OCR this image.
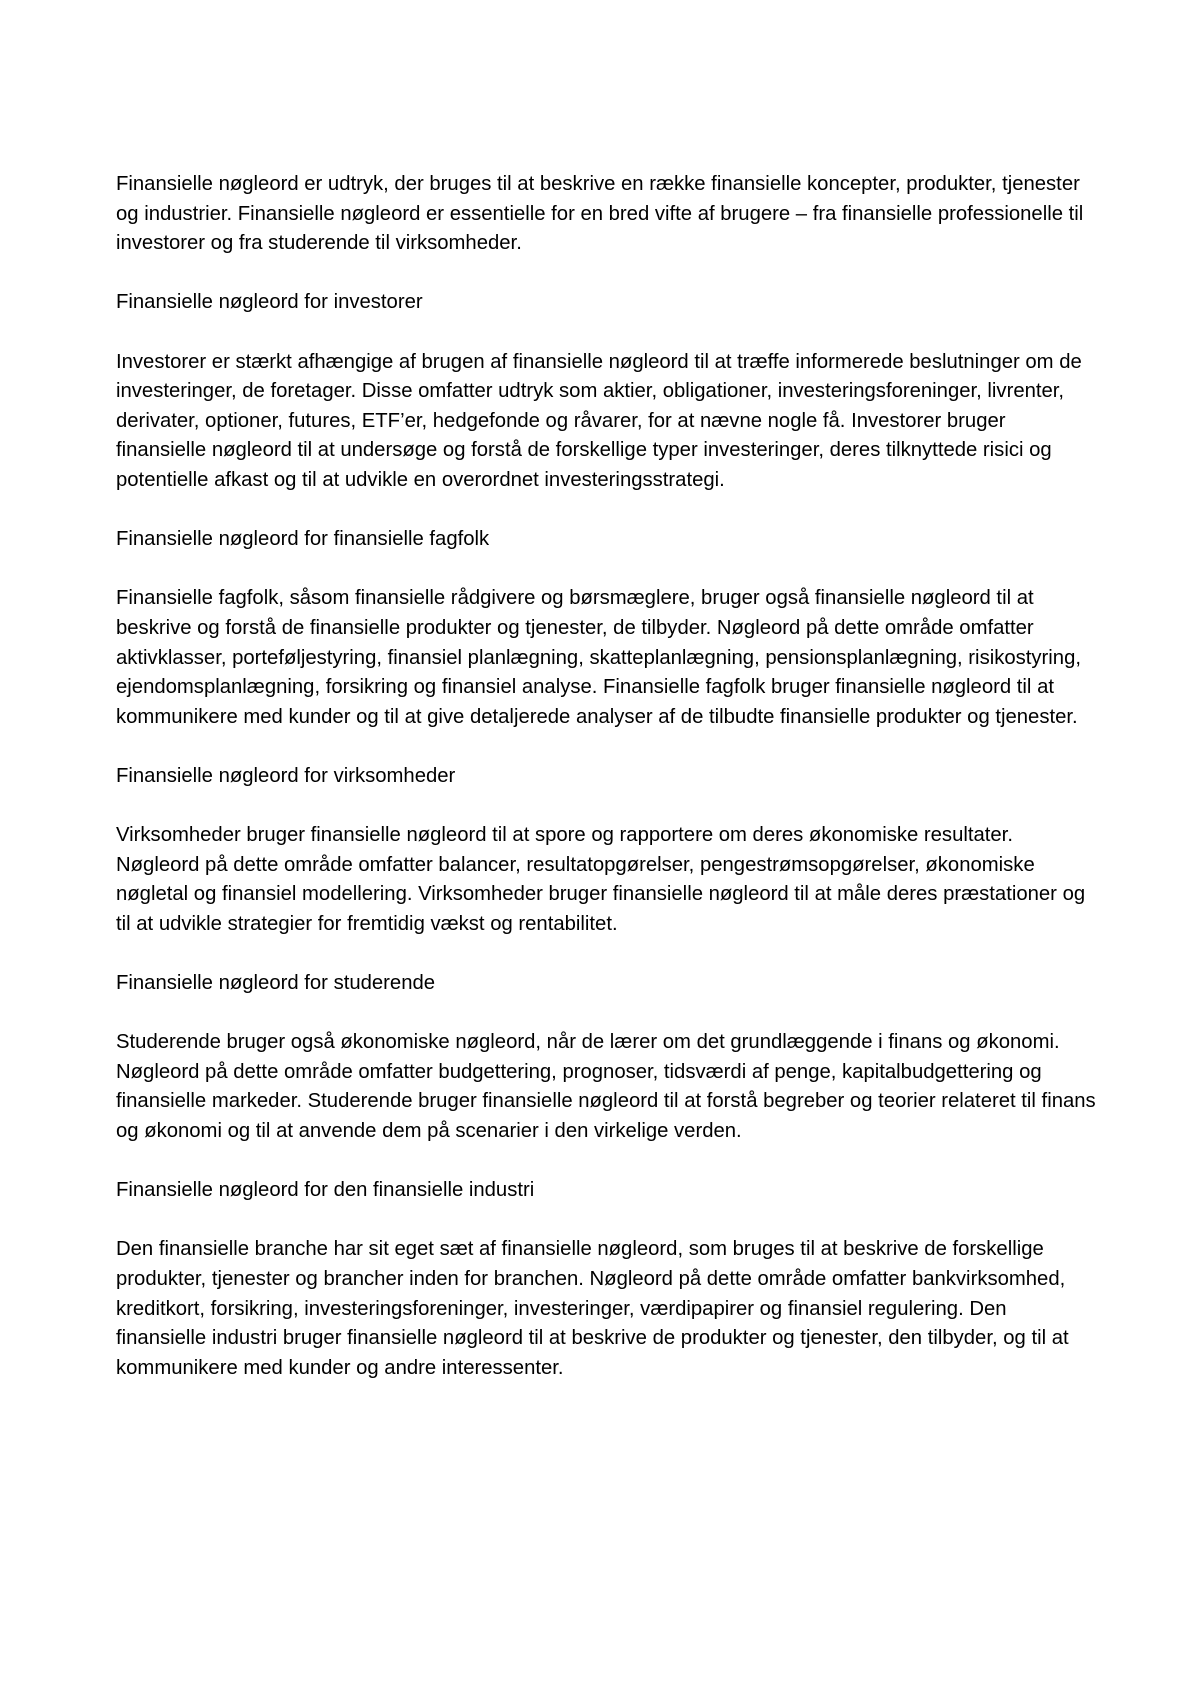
Finansielle nøgleord er udtryk, der bruges til at beskrive en række finansielle koncepter, produkter, tjenester og industrier. Finansielle nøgleord er essentielle for en bred vifte af brugere – fra finansielle professionelle til investorer og fra studerende til virksomheder.

Finansielle nøgleord for investorer

Investorer er stærkt afhængige af brugen af finansielle nøgleord til at træffe informerede beslutninger om de investeringer, de foretager. Disse omfatter udtryk som aktier, obligationer, investeringsforeninger, livrenter, derivater, optioner, futures, ETF’er, hedgefonde og råvarer, for at nævne nogle få. Investorer bruger finansielle nøgleord til at undersøge og forstå de forskellige typer investeringer, deres tilknyttede risici og potentielle afkast og til at udvikle en overordnet investeringsstrategi.

Finansielle nøgleord for finansielle fagfolk

Finansielle fagfolk, såsom finansielle rådgivere og børsmæglere, bruger også finansielle nøgleord til at beskrive og forstå de finansielle produkter og tjenester, de tilbyder. Nøgleord på dette område omfatter aktivklasser, porteføljestyring, finansiel planlægning, skatteplanlægning, pensionsplanlægning, risikostyring, ejendomsplanlægning, forsikring og finansiel analyse. Finansielle fagfolk bruger finansielle nøgleord til at kommunikere med kunder og til at give detaljerede analyser af de tilbudte finansielle produkter og tjenester.

Finansielle nøgleord for virksomheder

Virksomheder bruger finansielle nøgleord til at spore og rapportere om deres økonomiske resultater. Nøgleord på dette område omfatter balancer, resultatopgørelser, pengestrømsopgørelser, økonomiske nøgletal og finansiel modellering. Virksomheder bruger finansielle nøgleord til at måle deres præstationer og til at udvikle strategier for fremtidig vækst og rentabilitet.

Finansielle nøgleord for studerende

Studerende bruger også økonomiske nøgleord, når de lærer om det grundlæggende i finans og økonomi. Nøgleord på dette område omfatter budgettering, prognoser, tidsværdi af penge, kapitalbudgettering og finansielle markeder. Studerende bruger finansielle nøgleord til at forstå begreber og teorier relateret til finans og økonomi og til at anvende dem på scenarier i den virkelige verden.

Finansielle nøgleord for den finansielle industri

Den finansielle branche har sit eget sæt af finansielle nøgleord, som bruges til at beskrive de forskellige produkter, tjenester og brancher inden for branchen. Nøgleord på dette område omfatter bankvirksomhed, kreditkort, forsikring, investeringsforeninger, investeringer, værdipapirer og finansiel regulering. Den finansielle industri bruger finansielle nøgleord til at beskrive de produkter og tjenester, den tilbyder, og til at kommunikere med kunder og andre interessenter.
